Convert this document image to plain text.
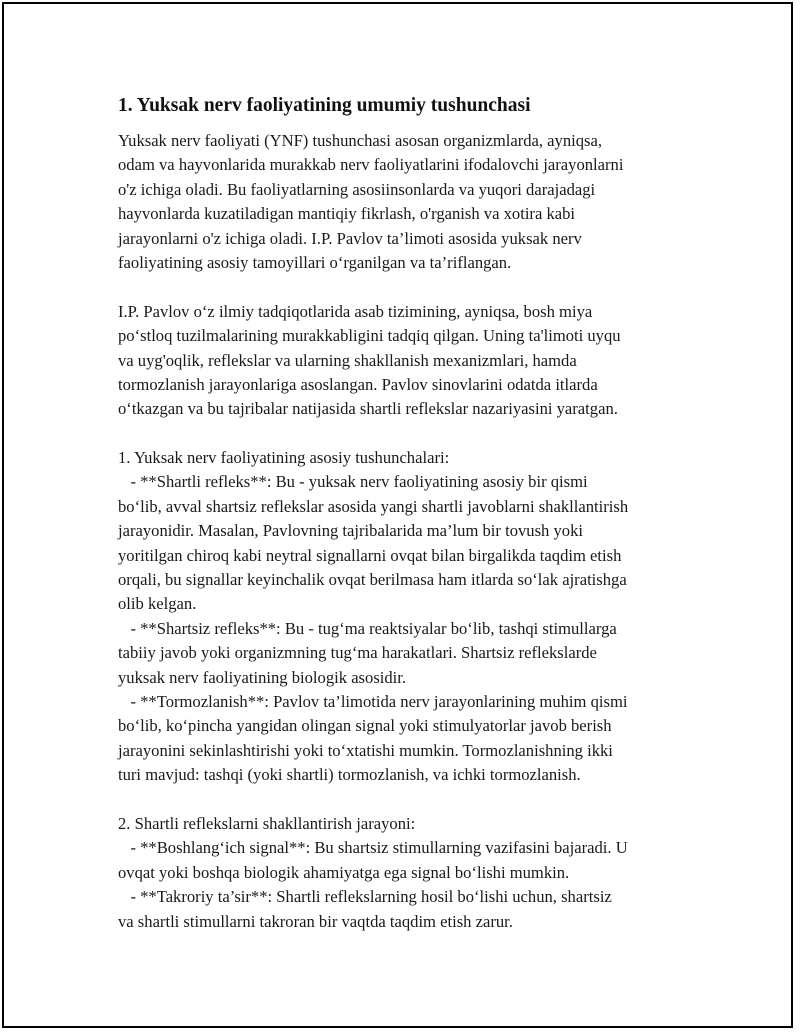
1. Yuksak nerv faoliyatining umumiy tushunchasi
Yuksak nerv faoliyati (YNF) tushunchasi asosan organizmlarda, ayniqsa,
odam va hayvonlarida murakkab nerv faoliyatlarini ifodalovchi jarayonlarni
o'z ichiga oladi. Bu faoliyatlarning asosiinsonlarda va yuqori darajadagi
hayvonlarda kuzatiladigan mantiqiy fikrlash, o'rganish va xotira kabi
jarayonlarni o'z ichiga oladi. I.P. Pavlov ta’limoti asosida yuksak nerv
faoliyatining asosiy tamoyillari o‘rganilgan va ta’riflangan.
I.P. Pavlov o‘z ilmiy tadqiqotlarida asab tizimining, ayniqsa, bosh miya
po‘stloq tuzilmalarining murakkabligini tadqiq qilgan. Uning ta'limoti uyqu
va uyg'oqlik, reflekslar va ularning shakllanish mexanizmlari, hamda
tormozlanish jarayonlariga asoslangan. Pavlov sinovlarini odatda itlarda
o‘tkazgan va bu tajribalar natijasida shartli reflekslar nazariyasini yaratgan.
1. Yuksak nerv faoliyatining asosiy tushunchalari:
- **Shartli refleks**: Bu - yuksak nerv faoliyatining asosiy bir qismi
bo‘lib, avval shartsiz reflekslar asosida yangi shartli javoblarni shakllantirish
jarayonidir. Masalan, Pavlovning tajribalarida ma’lum bir tovush yoki
yoritilgan chiroq kabi neytral signallarni ovqat bilan birgalikda taqdim etish
orqali, bu signallar keyinchalik ovqat berilmasa ham itlarda so‘lak ajratishga
olib kelgan.
- **Shartsiz refleks**: Bu - tug‘ma reaktsiyalar bo‘lib, tashqi stimullarga
tabiiy javob yoki organizmning tug‘ma harakatlari. Shartsiz reflekslarde
yuksak nerv faoliyatining biologik asosidir.
- **Tormozlanish**: Pavlov ta’limotida nerv jarayonlarining muhim qismi
bo‘lib, ko‘pincha yangidan olingan signal yoki stimulyatorlar javob berish
jarayonini sekinlashtirishi yoki to‘xtatishi mumkin. Tormozlanishning ikki
turi mavjud: tashqi (yoki shartli) tormozlanish, va ichki tormozlanish.
2. Shartli reflekslarni shakllantirish jarayoni:
- **Boshlang‘ich signal**: Bu shartsiz stimullarning vazifasini bajaradi. U
ovqat yoki boshqa biologik ahamiyatga ega signal bo‘lishi mumkin.
- **Takroriy ta’sir**: Shartli reflekslarning hosil bo‘lishi uchun, shartsiz
va shartli stimullarni takroran bir vaqtda taqdim etish zarur.
